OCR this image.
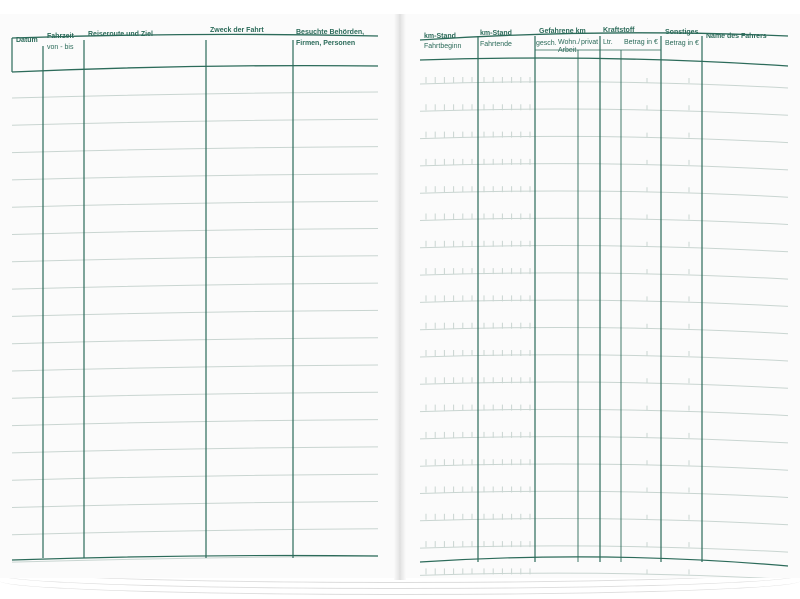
Datum
Fahrzeit
von - bis
Reiseroute und Ziel
Zweck der Fahrt	Besuchte Behörden,
Firmen, Personen
km-Stand
Fahrtbeginn
km-Stand
Fahrtende
Gefahrene km
gesch. Wohn./
Arbeit
privat
Kraftstoff
Ltr. Betrag in €
Sonstiges
Betrag in €
Name des Fahrers
